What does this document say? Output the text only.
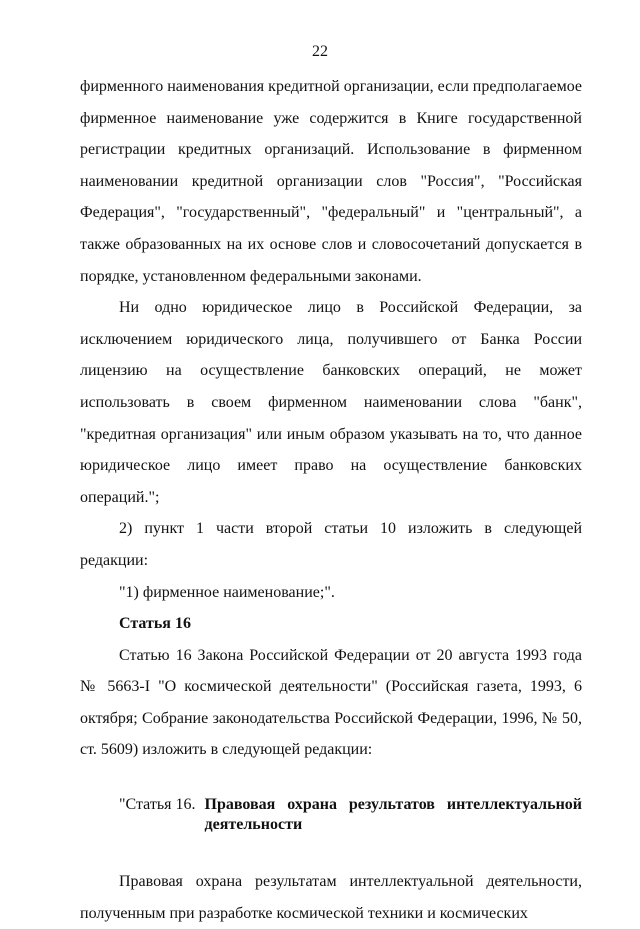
22

фирменного наименования кредитной организации, если предполагаемое фирменное наименование уже содержится в Книге государственной регистрации кредитных организаций. Использование в фирменном наименовании кредитной организации слов "Россия", "Российская Федерация", "государственный", "федеральный" и "центральный", а также образованных на их основе слов и словосочетаний допускается в порядке, установленном федеральными законами.

Ни одно юридическое лицо в Российской Федерации, за исключением юридического лица, получившего от Банка России лицензию на осуществление банковских операций, не может использовать в своем фирменном наименовании слова "банк", "кредитная организация" или иным образом указывать на то, что данное юридическое лицо имеет право на осуществление банковских операций.";

2) пункт 1 части второй статьи 10 изложить в следующей редакции:

"1) фирменное наименование;".

Статья 16

Статью 16 Закона Российской Федерации от 20 августа 1993 года № 5663-I "О космической деятельности" (Российская газета, 1993, 6 октября; Собрание законодательства Российской Федерации, 1996, № 50, ст. 5609) изложить в следующей редакции:

"Статья 16. Правовая охрана результатов интеллектуальной деятельности

Правовая охрана результатам интеллектуальной деятельности, полученным при разработке космической техники и космических
